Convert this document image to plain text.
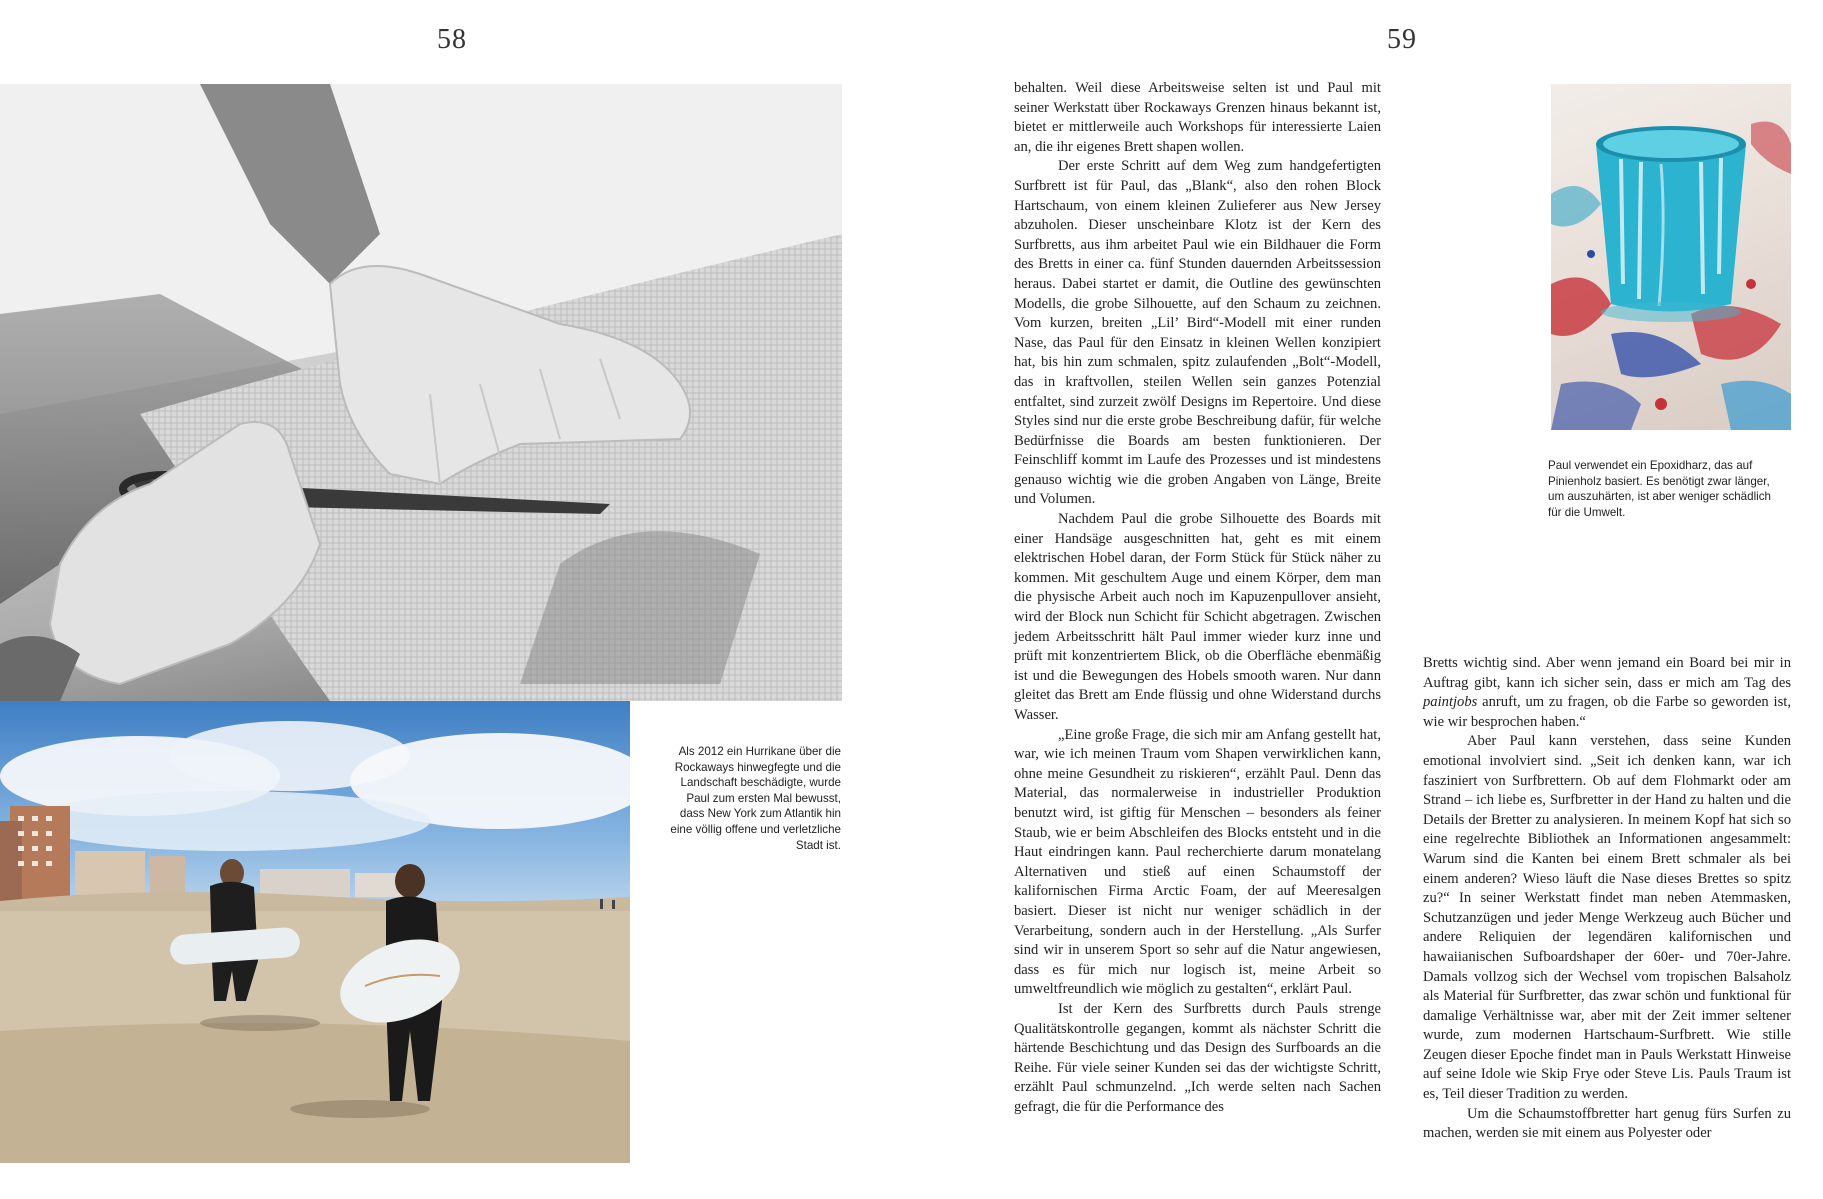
58	59
Als 2012 ein Hurrikane über die Rockaways hinwegfegte und die Landschaft beschädigte, wurde Paul zum ersten Mal bewusst, dass New York zum Atlantik hin eine völlig offene und verletzliche Stadt ist.
Paul verwendet ein Epoxidharz, das auf Pinienholz basiert. Es benötigt zwar länger, um auszuhärten, ist aber weniger schädlich für die Umwelt.

behalten. Weil diese Arbeitsweise selten ist und Paul mit seiner Werkstatt über Rockaways Grenzen hinaus bekannt ist, bietet er mittlerweile auch Workshops für interessierte Laien an, die ihr eigenes Brett shapen wollen.

Der erste Schritt auf dem Weg zum handgefertigten Surfbrett ist für Paul, das „Blank“, also den rohen Block Hartschaum, von einem kleinen Zulieferer aus New Jersey abzuholen. Dieser unscheinbare Klotz ist der Kern des Surfbretts, aus ihm arbeitet Paul wie ein Bildhauer die Form des Bretts in einer ca. fünf Stunden dauernden Arbeitssession heraus. Dabei startet er damit, die Outline des gewünschten Modells, die grobe Silhouette, auf den Schaum zu zeichnen. Vom kurzen, breiten „Lil’ Bird“-Modell mit einer runden Nase, das Paul für den Einsatz in kleinen Wellen konzipiert hat, bis hin zum schmalen, spitz zulaufenden „Bolt“-Modell, das in kraftvollen, steilen Wellen sein ganzes Potenzial entfaltet, sind zurzeit zwölf Designs im Repertoire. Und diese Styles sind nur die erste grobe Beschreibung dafür, für welche Bedürfnisse die Boards am besten funktionieren. Der Feinschliff kommt im Laufe des Prozesses und ist mindestens genauso wichtig wie die groben Angaben von Länge, Breite und Volumen.

Nachdem Paul die grobe Silhouette des Boards mit einer Handsäge ausgeschnitten hat, geht es mit einem elektrischen Hobel daran, der Form Stück für Stück näher zu kommen. Mit geschultem Auge und einem Körper, dem man die physische Arbeit auch noch im Kapuzenpullover ansieht, wird der Block nun Schicht für Schicht abgetragen. Zwischen jedem Arbeitsschritt hält Paul immer wieder kurz inne und prüft mit konzentriertem Blick, ob die Oberfläche ebenmäßig ist und die Bewegungen des Hobels smooth waren. Nur dann gleitet das Brett am Ende flüssig und ohne Widerstand durchs Wasser.

„Eine große Frage, die sich mir am Anfang gestellt hat, war, wie ich meinen Traum vom Shapen verwirklichen kann, ohne meine Gesundheit zu riskieren“, erzählt Paul. Denn das Material, das normalerweise in industrieller Produktion benutzt wird, ist giftig für Menschen – besonders als feiner Staub, wie er beim Abschleifen des Blocks entsteht und in die Haut eindringen kann. Paul recherchierte darum monatelang Alternativen und stieß auf einen Schaumstoff der kalifornischen Firma Arctic Foam, der auf Meeresalgen basiert. Dieser ist nicht nur weniger schädlich in der Verarbeitung, sondern auch in der Herstellung. „Als Surfer sind wir in unserem Sport so sehr auf die Natur angewiesen, dass es für mich nur logisch ist, meine Arbeit so umweltfreundlich wie möglich zu gestalten“, erklärt Paul.

Ist der Kern des Surfbretts durch Pauls strenge Qualitätskontrolle gegangen, kommt als nächster Schritt die härtende Beschichtung und das Design des Surfboards an die Reihe. Für viele seiner Kunden sei das der wichtigste Schritt, erzählt Paul schmunzelnd. „Ich werde selten nach Sachen gefragt, die für die Performance des

Bretts wichtig sind. Aber wenn jemand ein Board bei mir in Auftrag gibt, kann ich sicher sein, dass er mich am Tag des paintjobs anruft, um zu fragen, ob die Farbe so geworden ist, wie wir besprochen haben.“

Aber Paul kann verstehen, dass seine Kunden emotional involviert sind. „Seit ich denken kann, war ich fasziniert von Surfbrettern. Ob auf dem Flohmarkt oder am Strand – ich liebe es, Surfbretter in der Hand zu halten und die Details der Bretter zu analysieren. In meinem Kopf hat sich so eine regelrechte Bibliothek an Informationen angesammelt: Warum sind die Kanten bei einem Brett schmaler als bei einem anderen? Wieso läuft die Nase dieses Brettes so spitz zu?“ In seiner Werkstatt findet man neben Atemmasken, Schutzanzügen und jeder Menge Werkzeug auch Bücher und andere Reliquien der legendären kalifornischen und hawaiianischen Sufboardshaper der 60er- und 70er-Jahre. Damals vollzog sich der Wechsel vom tropischen Balsaholz als Material für Surfbretter, das zwar schön und funktional für damalige Verhältnisse war, aber mit der Zeit immer seltener wurde, zum modernen Hartschaum-Surfbrett. Wie stille Zeugen dieser Epoche findet man in Pauls Werkstatt Hinweise auf seine Idole wie Skip Frye oder Steve Lis. Pauls Traum ist es, Teil dieser Tradition zu werden.

Um die Schaumstoffbretter hart genug fürs Surfen zu machen, werden sie mit einem aus Polyester oder
